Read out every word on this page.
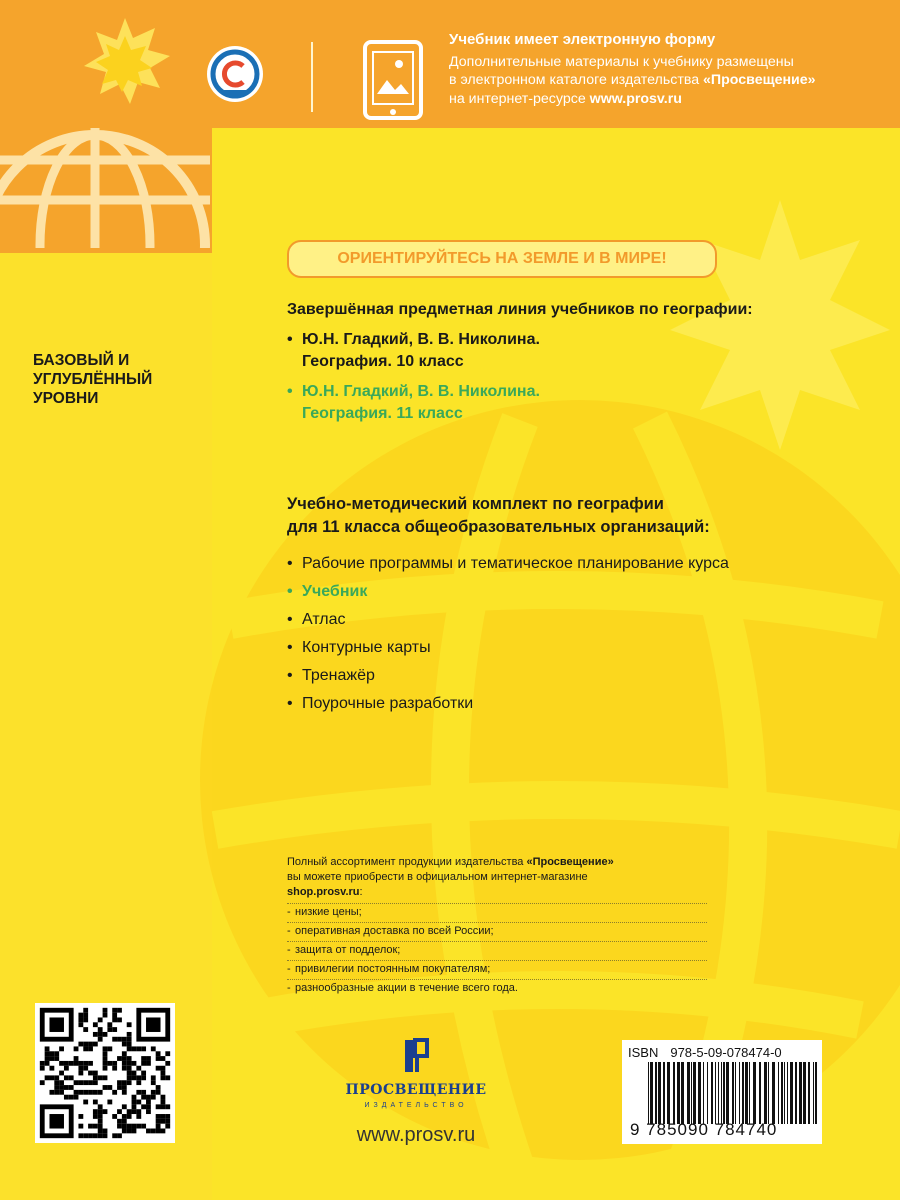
Учебник имеет электронную форму
Дополнительные материалы к учебнику размещены
в электронном каталоге издательства «Просвещение»
на интернет-ресурсе www.prosv.ru
БАЗОВЫЙ И УГЛУБЛЁННЫЙ УРОВНИ
ОРИЕНТИРУЙТЕСЬ НА ЗЕМЛЕ И В МИРЕ!
Завершённая предметная линия учебников по географии:
• Ю.Н. Гладкий, В. В. Николина.
География. 10 класс
• Ю.Н. Гладкий, В. В. Николина.
География. 11 класс
Учебно-методический комплект по географии
для 11 класса общеобразовательных организаций:
• Рабочие программы и тематическое планирование курса
• Учебник
• Атлас
• Контурные карты
• Тренажёр
• Поурочные разработки
Полный ассортимент продукции издательства «Просвещение»
вы можете приобрести в официальном интернет-магазине
shop.prosv.ru:
- низкие цены;
- оперативная доставка по всей России;
- защита от подделок;
- привилегии постоянным покупателям;
- разнообразные акции в течение всего года.
ПРОСВЕЩЕНИЕ
ИЗДАТЕЛЬСТВО
www.prosv.ru
ISBN 978-5-09-078474-0
9 785090 784740
